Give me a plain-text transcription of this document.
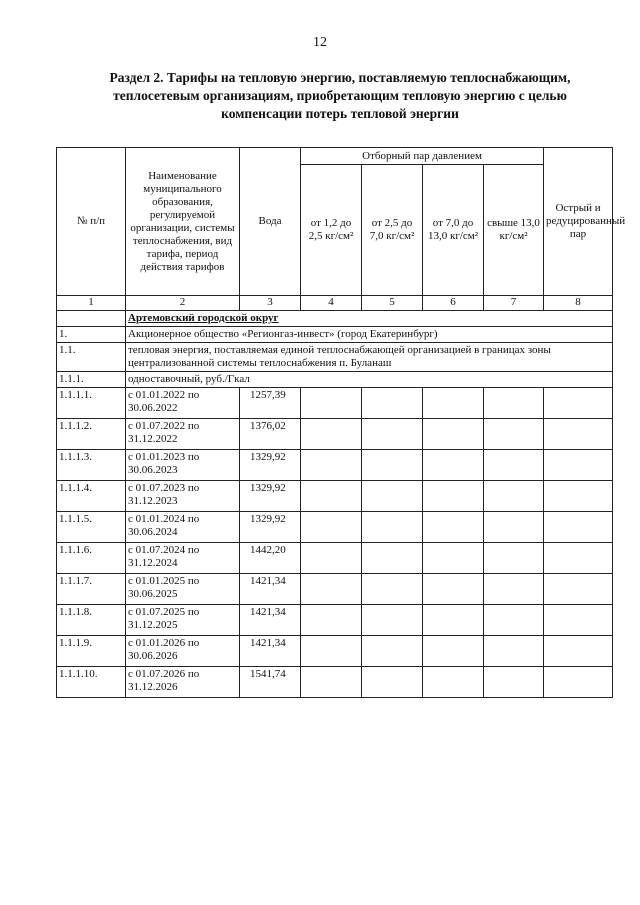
12
Раздел 2. Тарифы на тепловую энергию, поставляемую теплоснабжающим,
теплосетевым организациям, приобретающим тепловую энергию с целью
компенсации потерь тепловой энергии
№ п/п	Наименование муниципального образования, регулируемой организации, системы теплоснабжения, вид тарифа, период действия тарифов	Вода	Отборный пар давлением				Острый и редуцированный пар
			от 1,2 до 2,5 кг/см²	от 2,5 до 7,0 кг/см²	от 7,0 до 13,0 кг/см²	свыше 13,0 кг/см²	
1	2	3	4	5	6	7	8
	Артемовский городской округ						
1.	Акционерное общество «Регионгаз-инвест» (город Екатеринбург)						
1.1.	тепловая энергия, поставляемая единой теплоснабжающей организацией в границах зоны централизованной системы теплоснабжения п. Буланаш						
1.1.1.	одноставочный, руб./Гкал						
1.1.1.1.	с 01.01.2022 по 30.06.2022	1257,39					
1.1.1.2.	с 01.07.2022 по 31.12.2022	1376,02					
1.1.1.3.	с 01.01.2023 по 30.06.2023	1329,92					
1.1.1.4.	с 01.07.2023 по 31.12.2023	1329,92					
1.1.1.5.	с 01.01.2024 по 30.06.2024	1329,92					
1.1.1.6.	с 01.07.2024 по 31.12.2024	1442,20					
1.1.1.7.	с 01.01.2025 по 30.06.2025	1421,34					
1.1.1.8.	с 01.07.2025 по 31.12.2025	1421,34					
1.1.1.9.	с 01.01.2026 по 30.06.2026	1421,34					
1.1.1.10.	с 01.07.2026 по 31.12.2026	1541,74					
